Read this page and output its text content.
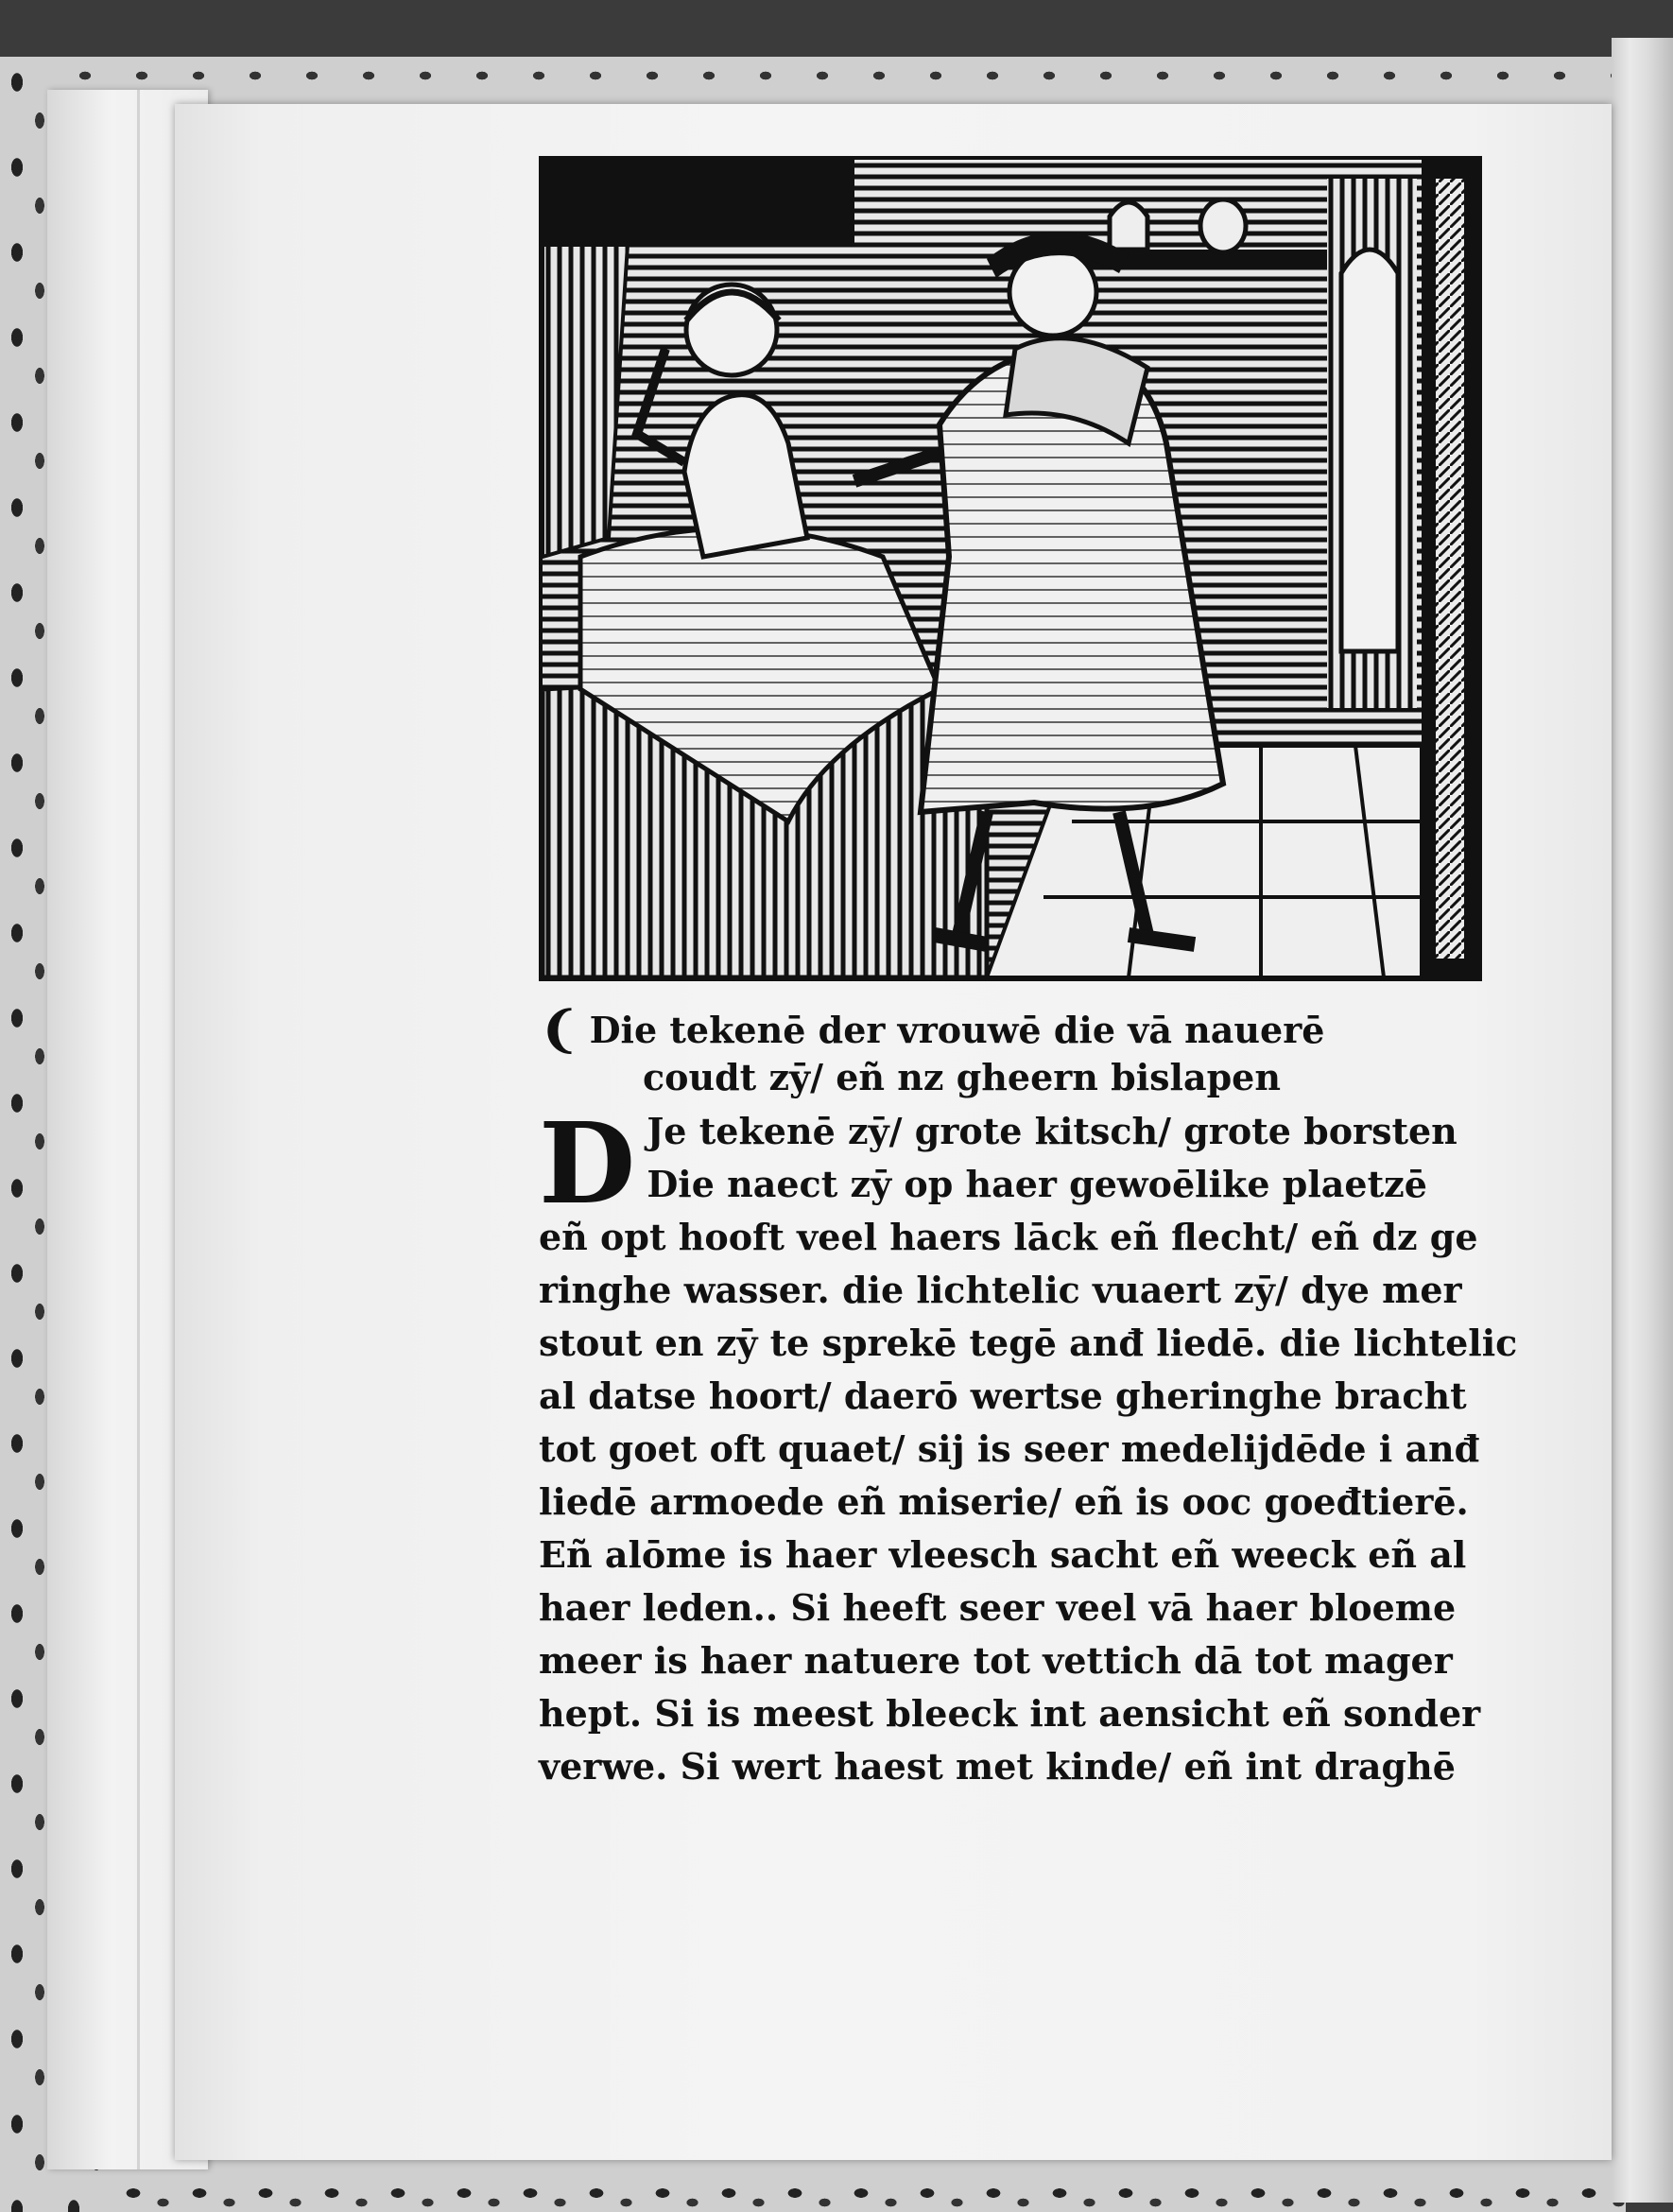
❨ Die tekenē der vrouwē die vā nauerē
coudt zȳ/ eñ nz gheern bislapen
D Je tekenē zȳ/ grote kitsch/ grote borsten
Die naect zȳ op haer gewoēlike plaetzē
eñ opt hooft veel haers lāck eñ flecht/ eñ dz ge
ringhe wasser. die lichtelic vuaert zȳ/ dye mer
stout en zȳ te sprekē tegē anđ liedē. die lichtelic
al datse hoort/ daerō wertse gheringhe bracht
tot goet oft quaet/ sĳ is seer medelĳdēde i anđ
liedē armoede eñ miserie/ eñ is ooc goeđtierē.
Eñ alōme is haer vleesch sacht eñ weeck eñ al
haer leden.. Si heeft seer veel vā haer bloeme
meer is haer natuere tot vettich dā tot mager
hept. Si is meest bleeck int aensicht eñ sonder
verwe. Si wert haest met kinde/ eñ int draghē
